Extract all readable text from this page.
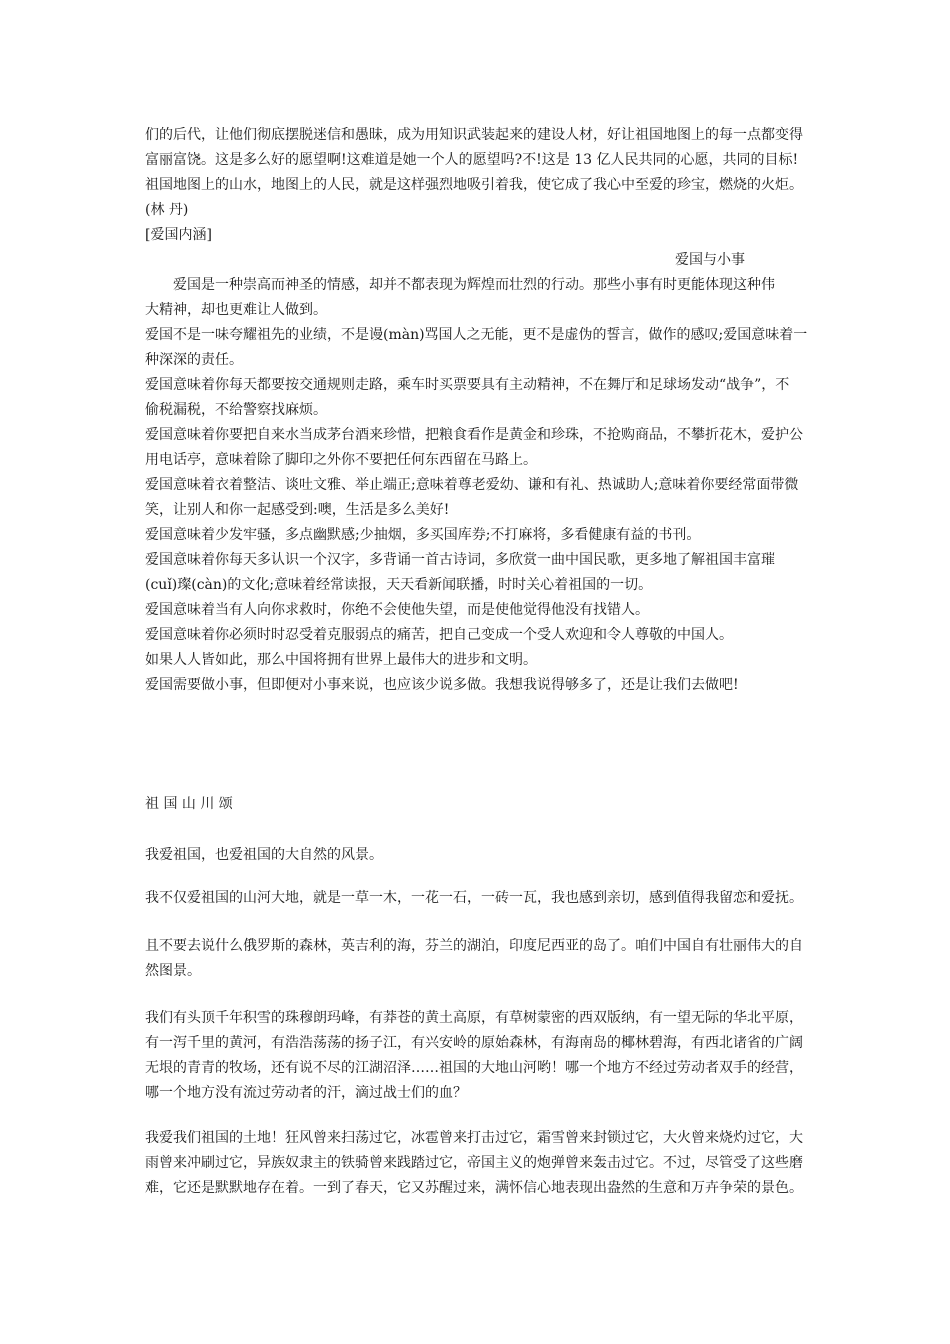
们的后代，让他们彻底摆脱迷信和愚昧，成为用知识武装起来的建设人材，好让祖国地图上的每一点都变得
富丽富饶。这是多么好的愿望啊!这难道是她一个人的愿望吗?不!这是 13 亿人民共同的心愿，共同的目标!
祖国地图上的山水，地图上的人民，就是这样强烈地吸引着我，使它成了我心中至爱的珍宝，燃烧的火炬。
(林 丹)
[爱国内涵]
爱国与小事
爱国是一种崇高而神圣的情感，却并不都表现为辉煌而壮烈的行动。那些小事有时更能体现这种伟
大精神，却也更难让人做到。
爱国不是一味夸耀祖先的业绩，不是谩(màn)骂国人之无能，更不是虚伪的誓言，做作的感叹;爱国意味着一
种深深的责任。
爱国意味着你每天都要按交通规则走路，乘车时买票要具有主动精神，不在舞厅和足球场发动“战争”，不
偷税漏税，不给警察找麻烦。
爱国意味着你要把自来水当成茅台酒来珍惜，把粮食看作是黄金和珍珠，不抢购商品，不攀折花木，爱护公
用电话亭，意味着除了脚印之外你不要把任何东西留在马路上。
爱国意味着衣着整洁、谈吐文雅、举止端正;意味着尊老爱幼、谦和有礼、热诚助人;意味着你要经常面带微
笑，让别人和你一起感受到:噢，生活是多么美好!
爱国意味着少发牢骚，多点幽默感;少抽烟，多买国库券;不打麻将，多看健康有益的书刊。
爱国意味着你每天多认识一个汉字，多背诵一首古诗词，多欣赏一曲中国民歌，更多地了解祖国丰富璀
(cuǐ)璨(càn)的文化;意味着经常读报，天天看新闻联播，时时关心着祖国的一切。
爱国意味着当有人向你求救时，你绝不会使他失望，而是使他觉得他没有找错人。
爱国意味着你必须时时忍受着克服弱点的痛苦，把自己变成一个受人欢迎和令人尊敬的中国人。
如果人人皆如此，那么中国将拥有世界上最伟大的进步和文明。
爱国需要做小事，但即便对小事来说，也应该少说多做。我想我说得够多了，还是让我们去做吧!
祖 国 山 川 颂
我爱祖国，也爱祖国的大自然的风景。
我不仅爱祖国的山河大地，就是一草一木，一花一石，一砖一瓦，我也感到亲切，感到值得我留恋和爱抚。
且不要去说什么俄罗斯的森林，英吉利的海，芬兰的湖泊，印度尼西亚的岛了。咱们中国自有壮丽伟大的自
然图景。
我们有头顶千年积雪的珠穆朗玛峰，有莽苍的黄土高原，有草树蒙密的西双版纳，有一望无际的华北平原，
有一泻千里的黄河，有浩浩荡荡的扬子江，有兴安岭的原始森林，有海南岛的椰林碧海，有西北诸省的广阔
无垠的青青的牧场，还有说不尽的江湖沼泽……祖国的大地山河哟！哪一个地方不经过劳动者双手的经营，
哪一个地方没有流过劳动者的汗，滴过战士们的血？
我爱我们祖国的土地！狂风曾来扫荡过它，冰雹曾来打击过它，霜雪曾来封锁过它，大火曾来烧灼过它，大
雨曾来冲刷过它，异族奴隶主的铁骑曾来践踏过它，帝国主义的炮弹曾来轰击过它。不过，尽管受了这些磨
难，它还是默默地存在着。一到了春天，它又苏醒过来，满怀信心地表现出盎然的生意和万卉争荣的景色。
